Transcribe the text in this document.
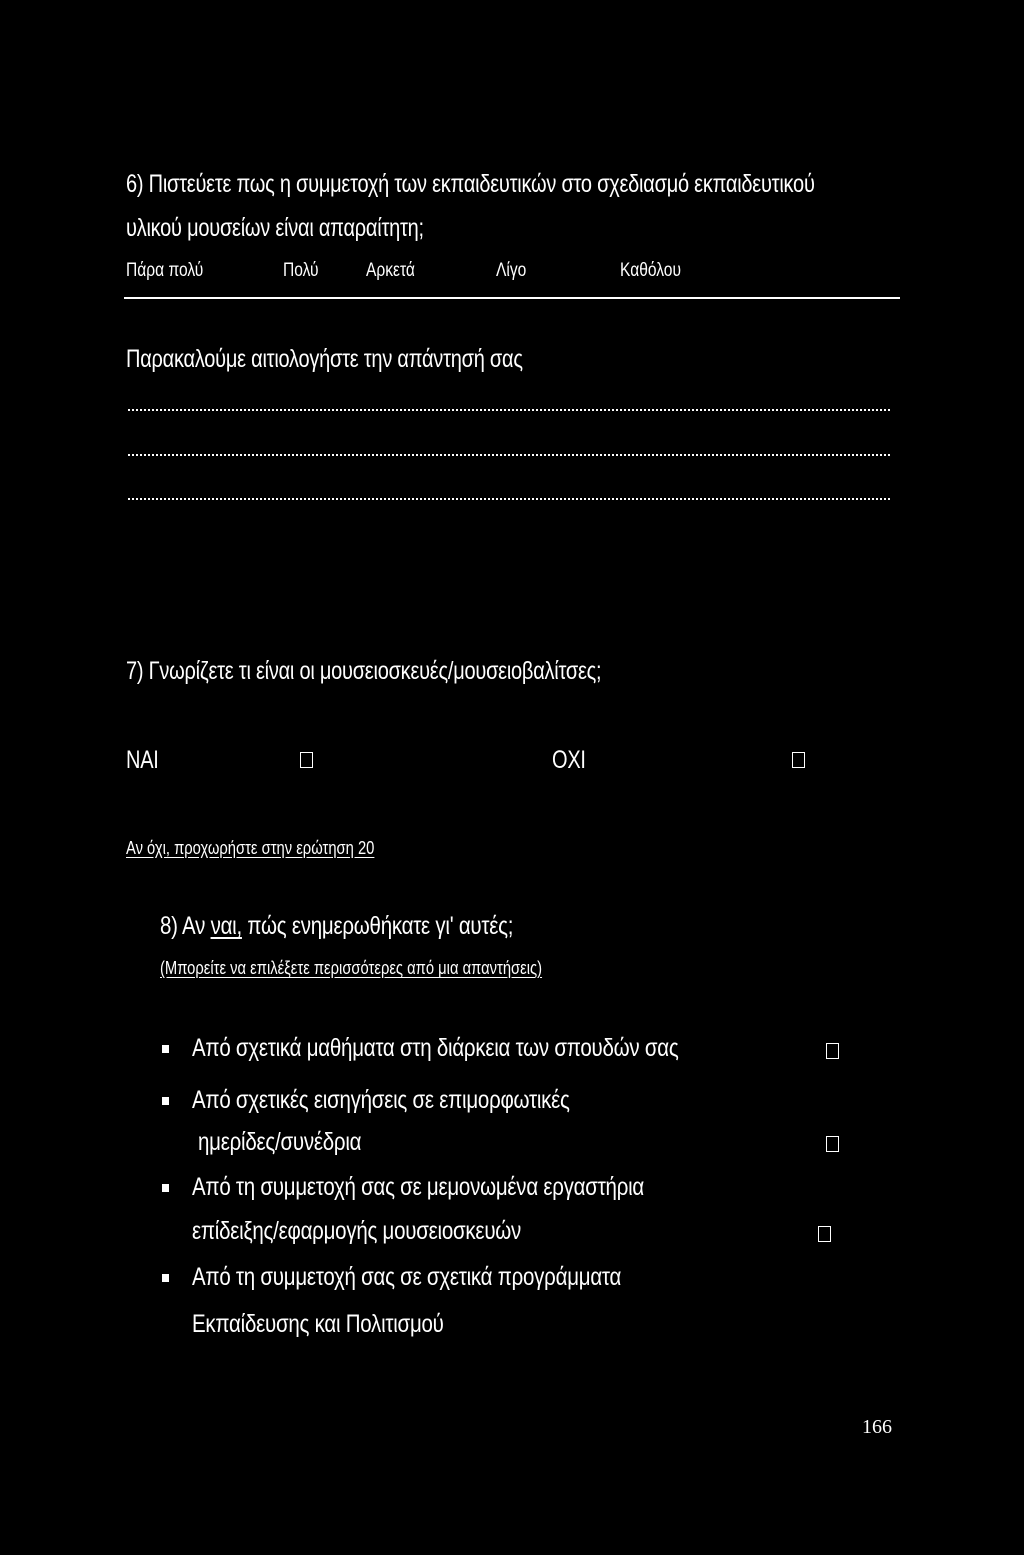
6) Πιστεύετε πως η συμμετοχή των εκπαιδευτικών στο σχεδιασμό εκπαιδευτικού
υλικού μουσείων είναι απαραίτητη;
Πάρα πολύ	Πολύ Αρκετά	Λίγο	Καθόλου
Παρακαλούμε αιτιολογήστε την απάντησή σας
7) Γνωρίζετε τι είναι οι μουσειοσκευές/μουσειοβαλίτσες;
ΝΑΙ	ΟΧΙ
Αν όχι, προχωρήστε στην ερώτηση 20
8) Αν ναι, πώς ενημερωθήκατε γι' αυτές;
(Μπορείτε να επιλέξετε περισσότερες από μια απαντήσεις)
Από σχετικά μαθήματα στη διάρκεια των σπουδών σας
Από σχετικές εισηγήσεις σε επιμορφωτικές
ημερίδες/συνέδρια
Από τη συμμετοχή σας σε μεμονωμένα εργαστήρια
επίδειξης/εφαρμογής μουσειοσκευών
Από τη συμμετοχή σας σε σχετικά προγράμματα
Εκπαίδευσης και Πολιτισμού
166
